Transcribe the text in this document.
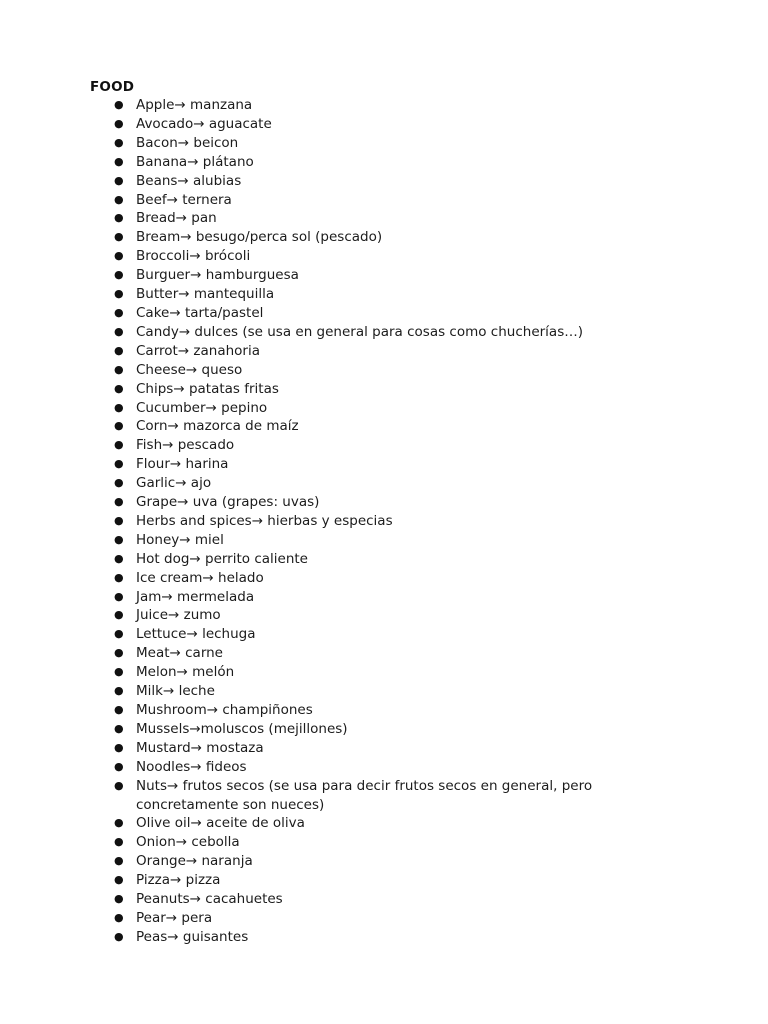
FOOD
● Apple→ manzana
● Avocado→ aguacate
● Bacon→ beicon
● Banana→ plátano
● Beans→ alubias
● Beef→ ternera
● Bread→ pan
● Bream→ besugo/perca sol (pescado)
● Broccoli→ brócoli
● Burguer→ hamburguesa
● Butter→ mantequilla
● Cake→ tarta/pastel
● Candy→ dulces (se usa en general para cosas como chucherías…)
● Carrot→ zanahoria
● Cheese→ queso
● Chips→ patatas fritas
● Cucumber→ pepino
● Corn→ mazorca de maíz
● Fish→ pescado
● Flour→ harina
● Garlic→ ajo
● Grape→ uva (grapes: uvas)
● Herbs and spices→ hierbas y especias
● Honey→ miel
● Hot dog→ perrito caliente
● Ice cream→ helado
● Jam→ mermelada
● Juice→ zumo
● Lettuce→ lechuga
● Meat→ carne
● Melon→ melón
● Milk→ leche
● Mushroom→ champiñones
● Mussels→moluscos (mejillones)
● Mustard→ mostaza
● Noodles→ fideos
● Nuts→ frutos secos (se usa para decir frutos secos en general, pero concretamente son nueces)
● Olive oil→ aceite de oliva
● Onion→ cebolla
● Orange→ naranja
● Pizza→ pizza
● Peanuts→ cacahuetes
● Pear→ pera
● Peas→ guisantes
